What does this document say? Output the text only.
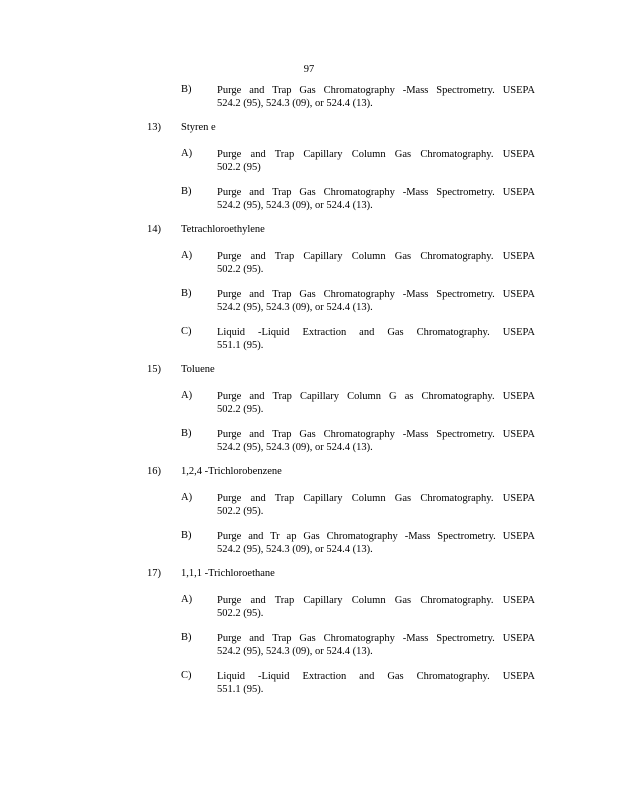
97
B) Purge and Trap Gas Chromatography -Mass Spectrometry. USEPA
524.2 (95), 524.3 (09), or 524.4 (13).
13) Styren e
A) Purge and Trap Capillary Column Gas Chromatography. USEPA
502.2 (95)
B) Purge and Trap Gas Chromatography -Mass Spectrometry. USEPA
524.2 (95), 524.3 (09), or 524.4 (13).
14) Tetrachloroethylene
A) Purge and Trap Capillary Column Gas Chromatography. USEPA
502.2 (95).
B) Purge and Trap Gas Chromatography -Mass Spectrometry. USEPA
524.2 (95), 524.3 (09), or 524.4 (13).
C) Liquid -Liquid Extraction and Gas Chromatography. USEPA
551.1 (95).
15) Toluene
A) Purge and Trap Capillary Column G as Chromatography. USEPA
502.2 (95).
B) Purge and Trap Gas Chromatography -Mass Spectrometry. USEPA
524.2 (95), 524.3 (09), or 524.4 (13).
16) 1,2,4 -Trichlorobenzene
A) Purge and Trap Capillary Column Gas Chromatography. USEPA
502.2 (95).
B) Purge and Tr ap Gas Chromatography -Mass Spectrometry. USEPA
524.2 (95), 524.3 (09), or 524.4 (13).
17) 1,1,1 -Trichloroethane
A) Purge and Trap Capillary Column Gas Chromatography. USEPA
502.2 (95).
B) Purge and Trap Gas Chromatography -Mass Spectrometry. USEPA
524.2 (95), 524.3 (09), or 524.4 (13).
C) Liquid -Liquid Extraction and Gas Chromatography. USEPA
551.1 (95).
